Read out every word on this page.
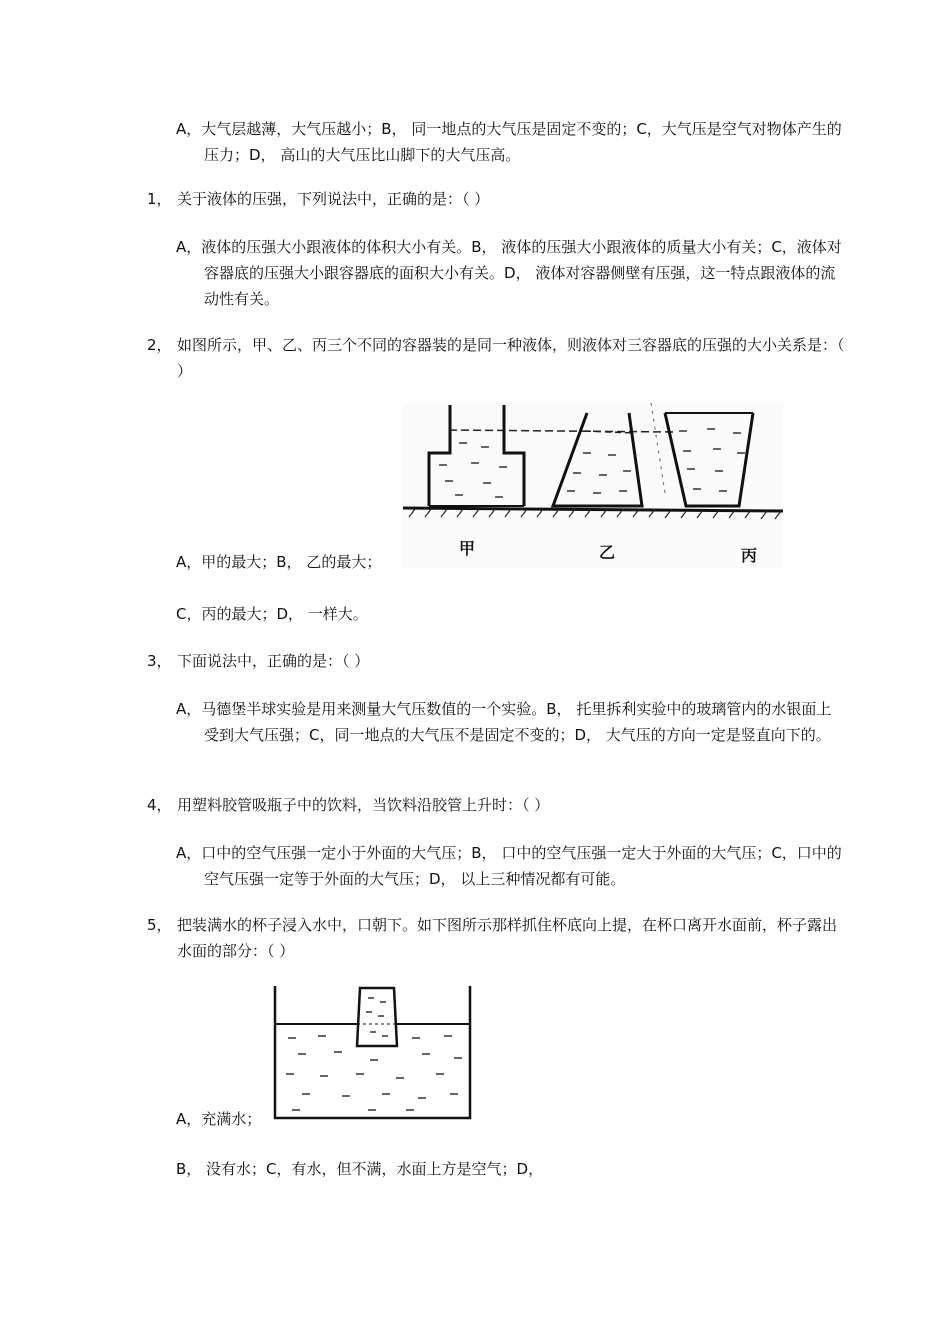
A，大气层越薄，大气压越小；B， 同一地点的大气压是固定不变的；C，大气压是空气对物体产生的压力；D， 高山的大气压比山脚下的大气压高。
1， 关于液体的压强，下列说法中，正确的是：（ ）
A，液体的压强大小跟液体的体积大小有关。B， 液体的压强大小跟液体的质量大小有关；C，液体对容器底的压强大小跟容器底的面积大小有关。D， 液体对容器侧壁有压强，这一特点跟液体的流动性有关。
2， 如图所示，甲、乙、丙三个不同的容器装的是同一种液体，则液体对三容器底的压强的大小关系是：（ ）
甲	乙	丙
A，甲的最大；B， 乙的最大；
C，丙的最大；D， 一样大。
3， 下面说法中，正确的是：（ ）
A，马德堡半球实验是用来测量大气压数值的一个实验。B， 托里拆利实验中的玻璃管内的水银面上受到大气压强；C，同一地点的大气压不是固定不变的；D， 大气压的方向一定是竖直向下的。
4， 用塑料胶管吸瓶子中的饮料，当饮料沿胶管上升时：（ ）
A，口中的空气压强一定小于外面的大气压；B， 口中的空气压强一定大于外面的大气压；C，口中的空气压强一定等于外面的大气压；D， 以上三种情况都有可能。
5， 把装满水的杯子浸入水中，口朝下。如下图所示那样抓住杯底向上提，在杯口离开水面前，杯子露出水面的部分：（ ）
A，充满水；
B， 没有水；C，有水，但不满，水面上方是空气；D，
